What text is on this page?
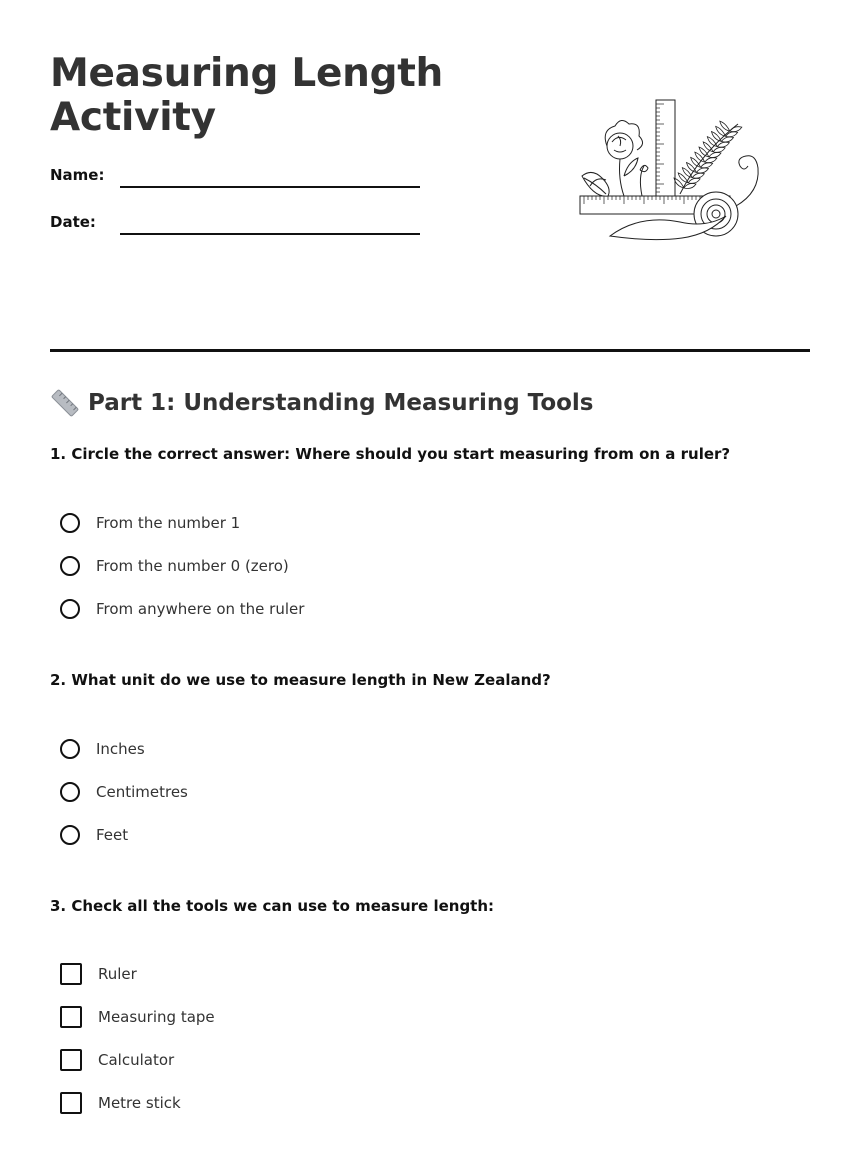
Measuring Length Activity
Name:
Date:
Part 1: Understanding Measuring Tools
1. Circle the correct answer: Where should you start measuring from on a ruler?
From the number 1
From the number 0 (zero)
From anywhere on the ruler
2. What unit do we use to measure length in New Zealand?
Inches
Centimetres
Feet
3. Check all the tools we can use to measure length:
Ruler
Measuring tape
Calculator
Metre stick
